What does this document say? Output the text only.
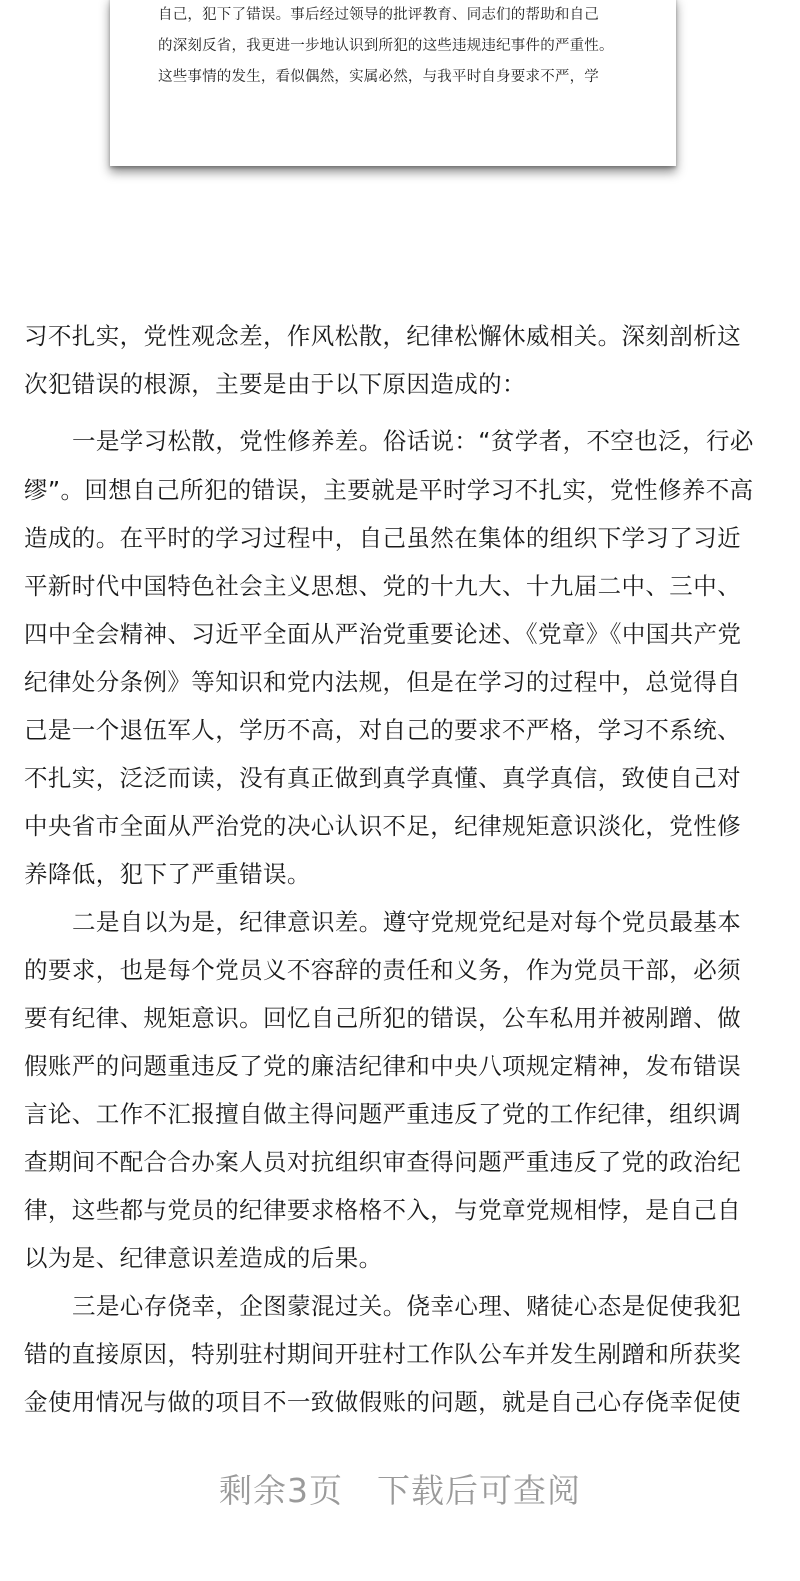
自己，犯下了错误。事后经过领导的批评教育、同志们的帮助和自己
的深刻反省，我更进一步地认识到所犯的这些违规违纪事件的严重性。
这些事情的发生，看似偶然，实属必然，与我平时自身要求不严，学
习不扎实，党性观念差，作风松散，纪律松懈休威相关。深刻剖析这
次犯错误的根源，主要是由于以下原因造成的：
一是学习松散，党性修养差。俗话说：“贫学者，不空也泛，行必
缪”。回想自己所犯的错误，主要就是平时学习不扎实，党性修养不高
造成的。在平时的学习过程中，自己虽然在集体的组织下学习了习近
平新时代中国特色社会主义思想、党的十九大、十九届二中、三中、
四中全会精神、习近平全面从严治党重要论述、《党章》《中国共产党
纪律处分条例》等知识和党内法规，但是在学习的过程中，总觉得自
己是一个退伍军人，学历不高，对自己的要求不严格，学习不系统、
不扎实，泛泛而读，没有真正做到真学真懂、真学真信，致使自己对
中央省市全面从严治党的决心认识不足，纪律规矩意识淡化，党性修
养降低，犯下了严重错误。
二是自以为是，纪律意识差。遵守党规党纪是对每个党员最基本
的要求，也是每个党员义不容辞的责任和义务，作为党员干部，必须
要有纪律、规矩意识。回忆自己所犯的错误，公车私用并被剐蹭、做
假账严的问题重违反了党的廉洁纪律和中央八项规定精神，发布错误
言论、工作不汇报擅自做主得问题严重违反了党的工作纪律，组织调
查期间不配合合办案人员对抗组织审查得问题严重违反了党的政治纪
律，这些都与党员的纪律要求格格不入，与党章党规相悖，是自己自
以为是、纪律意识差造成的后果。
三是心存侥幸，企图蒙混过关。侥幸心理、赌徒心态是促使我犯
错的直接原因，特别驻村期间开驻村工作队公车并发生剐蹭和所获奖
金使用情况与做的项目不一致做假账的问题，就是自己心存侥幸促使
剩余3页 下载后可查阅
